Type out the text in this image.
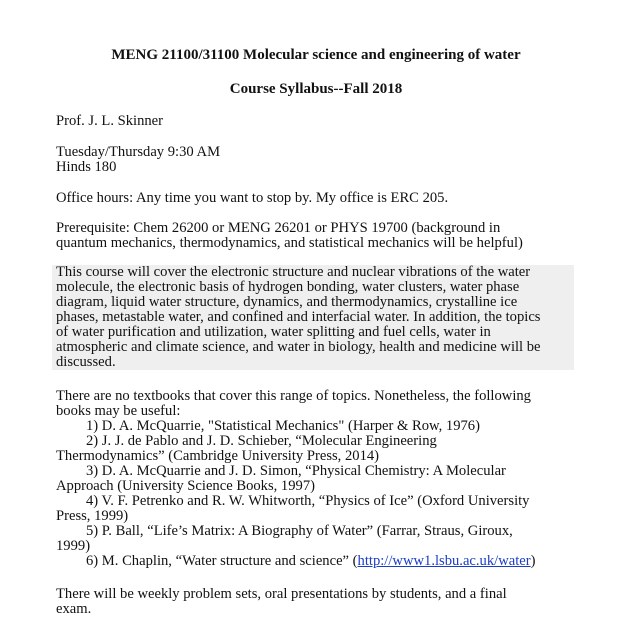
MENG 21100/31100 Molecular science and engineering of water
Course Syllabus--Fall 2018
Prof. J. L. Skinner
Tuesday/Thursday 9:30 AM
Hinds 180
Office hours: Any time you want to stop by. My office is ERC 205.
Prerequisite: Chem 26200 or MENG 26201 or PHYS 19700 (background in
quantum mechanics, thermodynamics, and statistical mechanics will be helpful)
This course will cover the electronic structure and nuclear vibrations of the water
molecule, the electronic basis of hydrogen bonding, water clusters, water phase
diagram, liquid water structure, dynamics, and thermodynamics, crystalline ice
phases, metastable water, and confined and interfacial water. In addition, the topics
of water purification and utilization, water splitting and fuel cells, water in
atmospheric and climate science, and water in biology, health and medicine will be
discussed.
There are no textbooks that cover this range of topics. Nonetheless, the following
books may be useful:
1) D. A. McQuarrie, "Statistical Mechanics" (Harper & Row, 1976)
2) J. J. de Pablo and J. D. Schieber, “Molecular Engineering
Thermodynamics” (Cambridge University Press, 2014)
3) D. A. McQuarrie and J. D. Simon, “Physical Chemistry: A Molecular
Approach (University Science Books, 1997)
4) V. F. Petrenko and R. W. Whitworth, “Physics of Ice” (Oxford University
Press, 1999)
5) P. Ball, “Life’s Matrix: A Biography of Water” (Farrar, Straus, Giroux,
1999)
6) M. Chaplin, “Water structure and science” (http://www1.lsbu.ac.uk/water)
There will be weekly problem sets, oral presentations by students, and a final
exam.
